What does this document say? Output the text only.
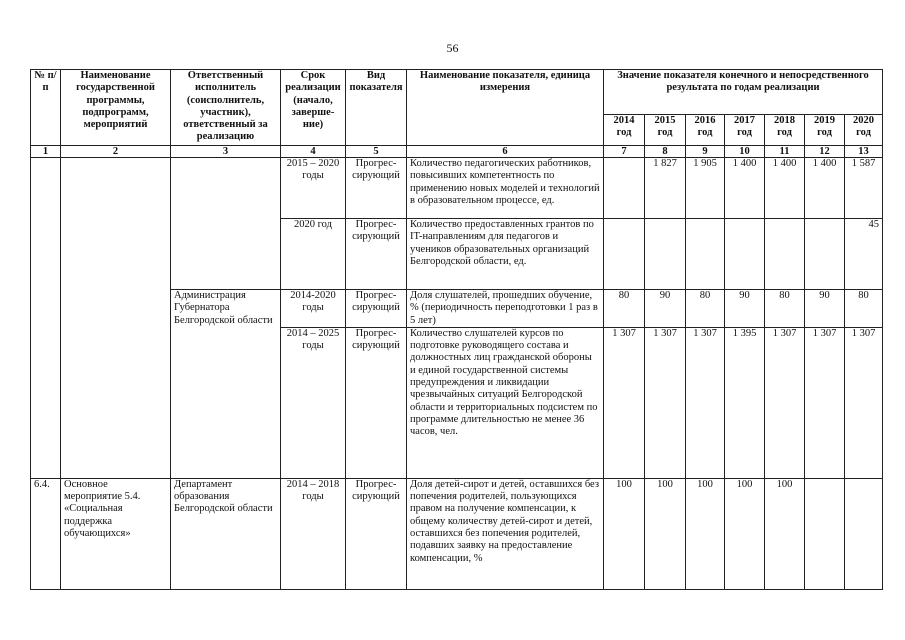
56
№ п/п	Наименование государственной программы, подпрограмм, мероприятий	Ответственный исполнитель (соисполнитель, участник), ответственный за реализацию	Срок реализации (начало, заверше-ние)	Вид показателя	Наименование показателя, единица измерения	Значение показателя конечного и непосредственного результата по годам реализации						
						2014 год	2015 год	2016 год	2017 год	2018 год	2019 год	2020 год
1	2	3	4	5	6	7	8	9	10	11	12	13
			2015 – 2020 годы	Прогрес-сирующий	Количество педагогических работников, повысивших компетентность по применению новых моделей и технологий в образовательном процессе, ед.		1 827	1 905	1 400	1 400	1 400	1 587
			2020 год	Прогрес-сирующий	Количество предоставленных грантов по IT-направлениям для педагогов и учеников образовательных организаций Белгородской области, ед.							45
		Администрация Губернатора Белгородской области	2014-2020 годы	Прогрес-сирующий	Доля слушателей, прошедших обучение, % (периодичность переподготовки 1 раз в 5 лет)	80	90	80	90	80	90	80
			2014 – 2025 годы	Прогрес-сирующий	Количество слушателей курсов по подготовке руководящего состава и должностных лиц гражданской обороны и единой государственной системы предупреждения и ликвидации чрезвычайных ситуаций Белгородской области и территориальных подсистем по программе длительностью не менее 36 часов, чел.	1 307	1 307	1 307	1 395	1 307	1 307	1 307
6.4.	Основное мероприятие 5.4. «Социальная поддержка обучающихся»	Департамент образования Белгородской области	2014 – 2018 годы	Прогрес-сирующий	Доля детей-сирот и детей, оставшихся без попечения родителей, пользующихся правом на получение компенсации, к общему количеству детей-сирот и детей, оставшихся без попечения родителей, подавших заявку на предоставление компенсации, %	100	100	100	100	100		
